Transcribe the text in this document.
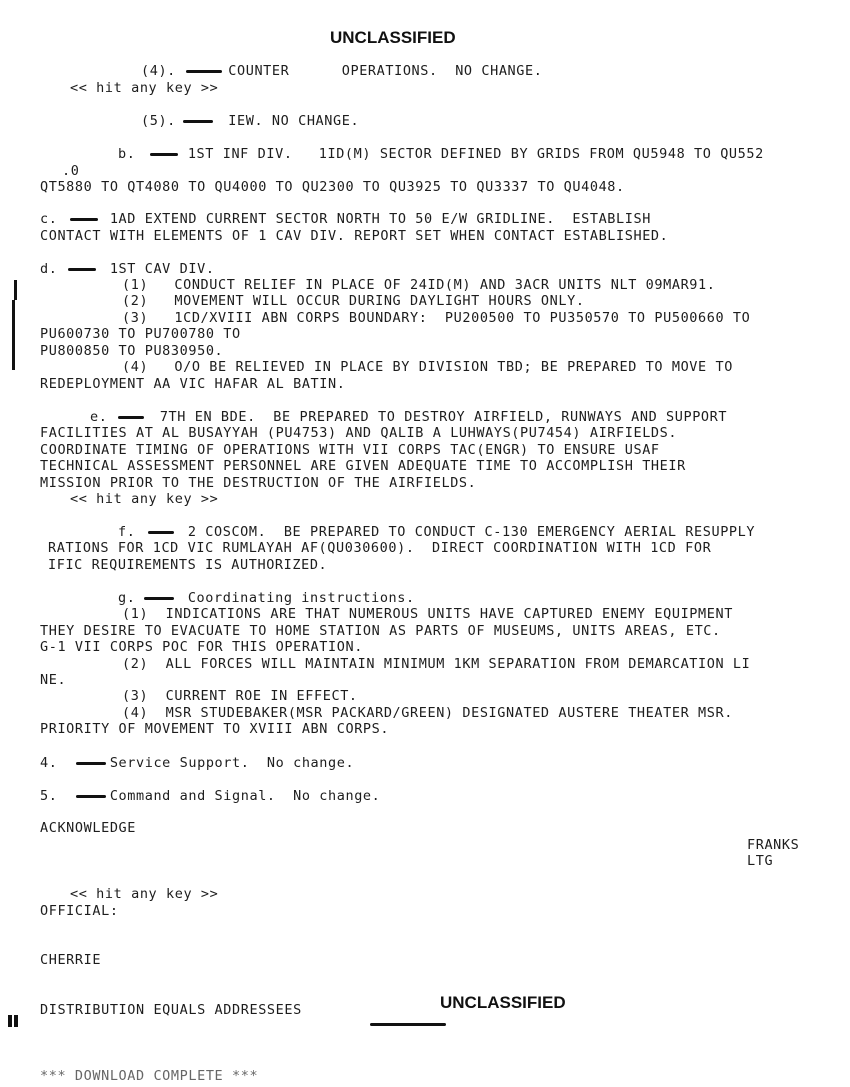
UNCLASSIFIED
UNCLASSIFIED
(4).      COUNTER      OPERATIONS.  NO CHANGE.
<< hit any key >>
(5).      IEW. NO CHANGE.
b.      1ST INF DIV.   1ID(M) SECTOR DEFINED BY GRIDS FROM QU5948 TO QU552
.0
QT5880 TO QT4080 TO QU4000 TO QU2300 TO QU3925 TO QU3337 TO QU4048.
c.      1AD EXTEND CURRENT SECTOR NORTH TO 50 E/W GRIDLINE.  ESTABLISH
CONTACT WITH ELEMENTS OF 1 CAV DIV. REPORT SET WHEN CONTACT ESTABLISHED.
d.      1ST CAV DIV.
(1)   CONDUCT RELIEF IN PLACE OF 24ID(M) AND 3ACR UNITS NLT 09MAR91.
(2)   MOVEMENT WILL OCCUR DURING DAYLIGHT HOURS ONLY.
(3)   1CD/XVIII ABN CORPS BOUNDARY:  PU200500 TO PU350570 TO PU500660 TO
PU600730 TO PU700780 TO
PU800850 TO PU830950.
(4)   O/O BE RELIEVED IN PLACE BY DIVISION TBD; BE PREPARED TO MOVE TO
REDEPLOYMENT AA VIC HAFAR AL BATIN.
e.      7TH EN BDE.  BE PREPARED TO DESTROY AIRFIELD, RUNWAYS AND SUPPORT
FACILITIES AT AL BUSAYYAH (PU4753) AND QALIB A LUHWAYS(PU7454) AIRFIELDS.
COORDINATE TIMING OF OPERATIONS WITH VII CORPS TAC(ENGR) TO ENSURE USAF
TECHNICAL ASSESSMENT PERSONNEL ARE GIVEN ADEQUATE TIME TO ACCOMPLISH THEIR
MISSION PRIOR TO THE DESTRUCTION OF THE AIRFIELDS.
<< hit any key >>
f.      2 COSCOM.  BE PREPARED TO CONDUCT C-130 EMERGENCY AERIAL RESUPPLY
RATIONS FOR 1CD VIC RUMLAYAH AF(QU030600).  DIRECT COORDINATION WITH 1CD FOR
IFIC REQUIREMENTS IS AUTHORIZED.
g.      Coordinating instructions.
(1)  INDICATIONS ARE THAT NUMEROUS UNITS HAVE CAPTURED ENEMY EQUIPMENT
THEY DESIRE TO EVACUATE TO HOME STATION AS PARTS OF MUSEUMS, UNITS AREAS, ETC.
G-1 VII CORPS POC FOR THIS OPERATION.
(2)  ALL FORCES WILL MAINTAIN MINIMUM 1KM SEPARATION FROM DEMARCATION LI
NE.
(3)  CURRENT ROE IN EFFECT.
(4)  MSR STUDEBAKER(MSR PACKARD/GREEN) DESIGNATED AUSTERE THEATER MSR.
PRIORITY OF MOVEMENT TO XVIII ABN CORPS.
4.      Service Support.  No change.
5.      Command and Signal.  No change.
ACKNOWLEDGE
FRANKS
LTG
<< hit any key >>
OFFICIAL:
CHERRIE
DISTRIBUTION EQUALS ADDRESSEES
*** DOWNLOAD COMPLETE ***
